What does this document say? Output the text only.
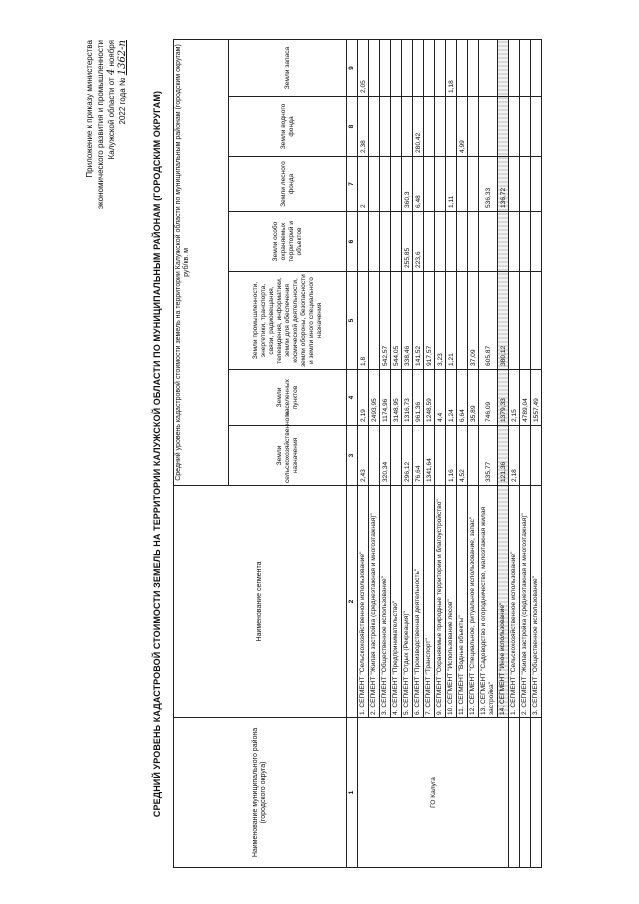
Приложение к приказу министерства экономического развития и промышленности Калужской области от 4 ноября
2022 года № 1362-п
СРЕДНИЙ УРОВЕНЬ КАДАСТРОВОЙ СТОИМОСТИ ЗЕМЕЛЬ НА ТЕРРИТОРИИ КАЛУЖСКОЙ ОБЛАСТИ ПО МУНИЦИПАЛЬНЫМ РАЙОНАМ (ГОРОДСКИМ ОКРУГАМ)	Наименование муниципального района (городского округа)	Наименование сегмента	Средний уровень кадастровой стоимости земель на территории Калужской области по муниципальным районам (городским округам) руб/кв. м						
		Земли сельскохозяйственного назначения	Земли населенных пунктов	Земли промышленности, энергетики, транспорта, связи, радиовещания, телевидения, информатики, земли для обеспечения космической деятельности, земли обороны, безопасности и земли иного специального назначения	Земли особо охраняемых территорий и объектов	Земли лесного фонда	Земли водного фонда	Земли запаса
1	2	3	4	5	6	7	8	9
ГО Калуга	1. СЕГМЕНТ "Сельскохозяйственное использование"	2,43	2,19	1,8		2	2,38	2,05
	2. СЕГМЕНТ "Жилая застройка (среднеэтажная и многоэтажная)"		2493,95					
	3. СЕГМЕНТ "Общественное использование"	320,34	1174,96	542,57				
	4. СЕГМЕНТ "Предпринимательство"		3148,95	544,05				
	5. СЕГМЕНТ "Отдых (Рекреация)"	296,12	1316,73	338,46	255,85	360,3		
	6. СЕГМЕНТ "Производственная деятельность"	76,64	961,36	141,52	223,6	6,48	280,42	
	7. СЕГМЕНТ "Транспорт"	1341,64	1248,59	917,57				
	9. СЕГМЕНТ "Охраняемые природные территории и благоустройство"		4,4	3,23				
	10. СЕГМЕНТ "Использование лесов"	1,16	1,24	1,21		1,11		1,18
	11. СЕГМЕНТ "Водные объекты"	4,52	6,64				4,99	
	12. СЕГМЕНТ "Специальное, ритуальное использование, запас"		35,89	37,09				
	13. СЕГМЕНТ "Садоводство и огородничество, малоэтажная жилая застройка"	335,77	746,09	605,87		536,33		
	14. СЕГМЕНТ "Иное использование"	121,36	1379,33	380,12		136,72		
	1. СЕГМЕНТ "Сельскохозяйственное использование"	2,18	2,15					
	2. СЕГМЕНТ "Жилая застройка (среднеэтажная и многоэтажная)"		4789,04					
	3. СЕГМЕНТ "Общественное использование"		1557,49					
